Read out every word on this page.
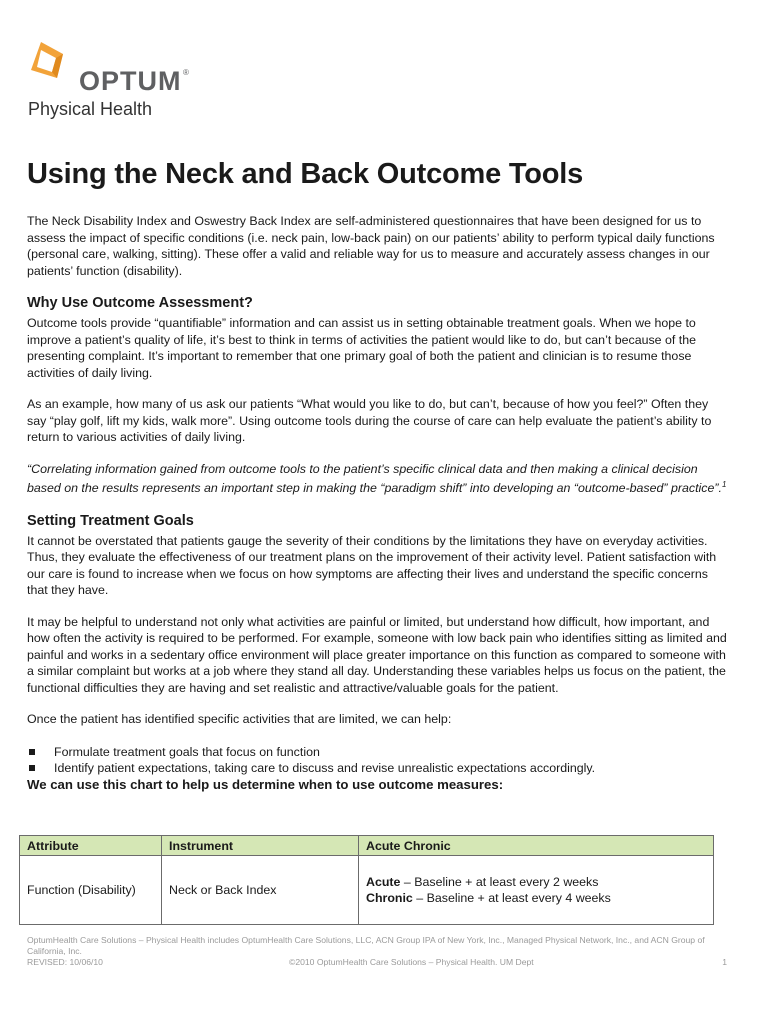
OPTUM ®
Physical Health
Using the Neck and Back Outcome Tools

The Neck Disability Index and Oswestry Back Index are self-administered questionnaires that have been designed for us to assess the impact of specific conditions (i.e. neck pain, low-back pain) on our patients’ ability to perform typical daily functions (personal care, walking, sitting). These offer a valid and reliable way for us to measure and accurately assess changes in our patients’ function (disability).

Why Use Outcome Assessment?

Outcome tools provide “quantifiable” information and can assist us in setting obtainable treatment goals. When we hope to improve a patient’s quality of life, it’s best to think in terms of activities the patient would like to do, but can’t because of the presenting complaint. It’s important to remember that one primary goal of both the patient and clinician is to resume those activities of daily living.

As an example, how many of us ask our patients “What would you like to do, but can’t, because of how you feel?” Often they say “play golf, lift my kids, walk more”. Using outcome tools during the course of care can help evaluate the patient’s ability to return to various activities of daily living.

“Correlating information gained from outcome tools to the patient’s specific clinical data and then making a clinical decision based on the results represents an important step in making the “paradigm shift” into developing an “outcome-based” practice”.$^1$

Setting Treatment Goals

It cannot be overstated that patients gauge the severity of their conditions by the limitations they have on everyday activities. Thus, they evaluate the effectiveness of our treatment plans on the improvement of their activity level. Patient satisfaction with our care is found to increase when we focus on how symptoms are affecting their lives and understand the specific concerns that they have.

It may be helpful to understand not only what activities are painful or limited, but understand how difficult, how important, and how often the activity is required to be performed. For example, someone with low back pain who identifies sitting as limited and painful and works in a sedentary office environment will place greater importance on this function as compared to someone with a similar complaint but works at a job where they stand all day. Understanding these variables helps us focus on the patient, the functional difficulties they are having and set realistic and attractive/valuable goals for the patient.

Once the patient has identified specific activities that are limited, we can help:

Formulate treatment goals that focus on function
Identify patient expectations, taking care to discuss and revise unrealistic expectations accordingly.

We can use this chart to help us determine when to use outcome measures:

Attribute	Instrument	Acute Chronic
Function (Disability)	Neck or Back Index	Acute – Baseline + at least every 2 weeks
Chronic – Baseline + at least every 4 weeks
OptumHealth Care Solutions – Physical Health includes OptumHealth Care Solutions, LLC, ACN Group IPA of New York, Inc., Managed Physical Network, Inc., and ACN Group of California, Inc.
REVISED: 10/06/10	©2010 OptumHealth Care Solutions – Physical Health. UM Dept	1
